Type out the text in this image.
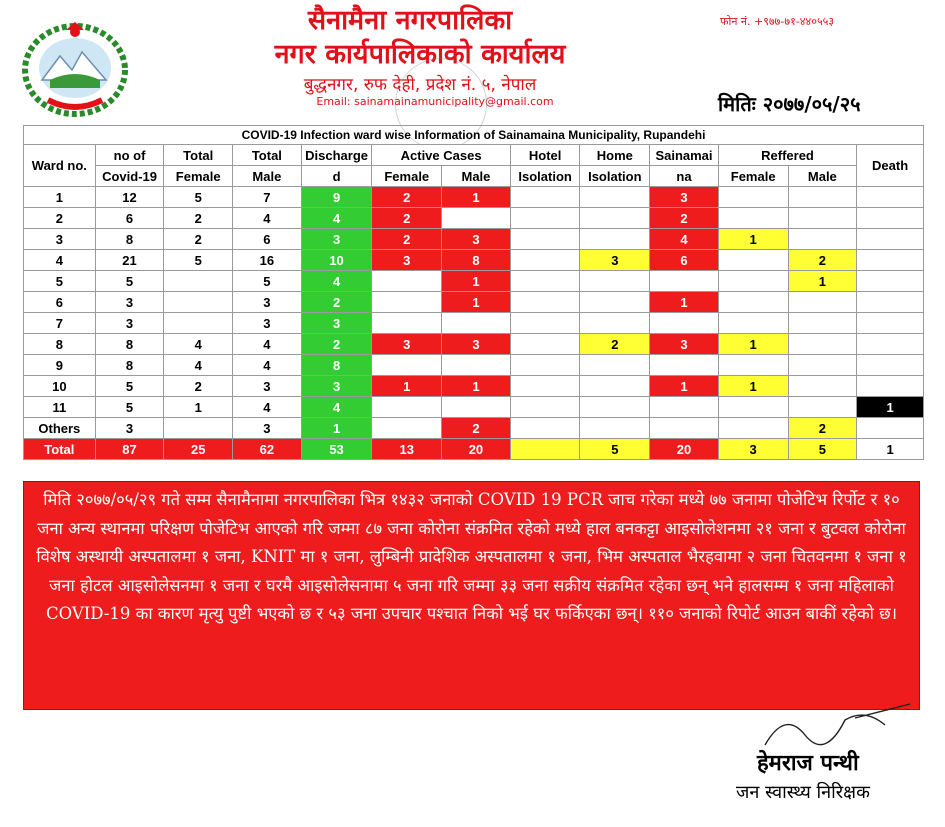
सैनामैना नगरपालिका
नगर कार्यपालिकाको कार्यालय
बुद्धनगर, रुफ देही, प्रदेश नं. ५, नेपाल
Email: sainamainamunicipality@gmail.com
फोन नं. +९७७-७१-४४०५५३
मितिः २०७७/०५/२५
COVID-19 Infection ward wise Information of Sainamaina Municipality, Rupandehi
Ward no.	no of	Total	Total	Discharge	Active Cases		Hotel	Home	Sainamai	Reffered		Death
	Covid-19	Female	Male	d	Female	Male	Isolation	Isolation	na	Female	Male	
1	12	5	7	9	2	1			3			
2	6	2	4	4	2				2			
3	8	2	6	3	2	3			4	1		
4	21	5	16	10	3	8		3	6		2	
5	5		5	4		1					1	
6	3		3	2		1			1			
7	3		3	3								
8	8	4	4	2	3	3		2	3	1		
9	8	4	4	8								
10	5	2	3	3	1	1			1	1		
11	5	1	4	4								1
Others	3		3	1		2					2	
Total	87	25	62	53	13	20		5	20	3	5	1
मिति २०७७/०५/२९ गते सम्म सैनामैनामा नगरपालिका भित्र १४३२ जनाको COVID 19 PCR जाच गरेका मध्ये ७७ जनामा पोजेटिभ रिर्पोट र १० जना अन्य स्थानमा परिक्षण पोजेटिभ आएको गरि जम्मा ८७ जना कोरोना संक्रमित रहेको मध्ये हाल बनकट्टा आइसोलेशनमा २१ जना र बुटवल कोरोना विशेष अस्थायी अस्पतालमा १ जना, KNIT मा १ जना, लुम्बिनी प्रादेशिक अस्पतालमा १ जना, भिम अस्पताल भैरहवामा २ जना चितवनमा १ जना १ जना होटल आइसोलेसनमा १ जना र घरमै आइसोलेसनामा ५ जना गरि जम्मा ३३ जना सक्रीय संक्रमित रहेका छन् भने हालसम्म १ जना महिलाको COVID-19 का कारण मृत्यु पुष्टी भएको छ र ५३ जना उपचार पश्चात निको भई घर फर्किएका छन्। ११० जनाको रिपोर्ट आउन बाकीं रहेको छ।
हेमराज पन्थी
जन स्वास्थ्य निरिक्षक
